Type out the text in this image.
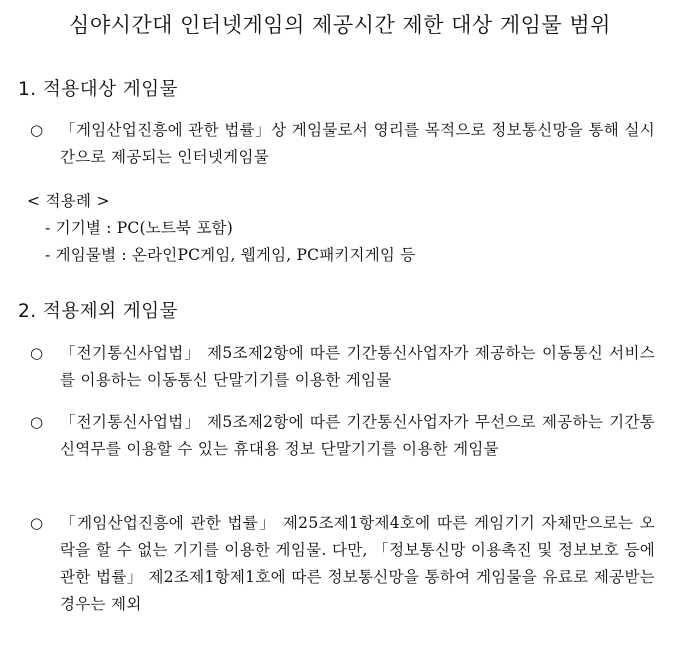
심야시간대 인터넷게임의 제공시간 제한 대상 게임물 범위
1. 적용대상 게임물
○	「게임산업진흥에 관한 법률」상 게임물로서 영리를 목적으로 정보통신망을 통해 실시간으로 제공되는 인터넷게임물
< 적용례 >
- 기기별 : PC(노트북 포함)
- 게임물별 : 온라인PC게임, 웹게임, PC패키지게임 등
2. 적용제외 게임물
○	「전기통신사업법」 제5조제2항에 따른 기간통신사업자가 제공하는 이동통신 서비스를 이용하는 이동통신 단말기기를 이용한 게임물
○	「전기통신사업법」 제5조제2항에 따른 기간통신사업자가 무선으로 제공하는 기간통신역무를 이용할 수 있는 휴대용 정보 단말기기를 이용한 게임물
○	「게임산업진흥에 관한 법률」 제25조제1항제4호에 따른 게임기기 자체만으로는 오락을 할 수 없는 기기를 이용한 게임물. 다만, 「정보통신망 이용촉진 및 정보보호 등에 관한 법률」 제2조제1항제1호에 따른 정보통신망을 통하여 게임물을 유료로 제공받는 경우는 제외
